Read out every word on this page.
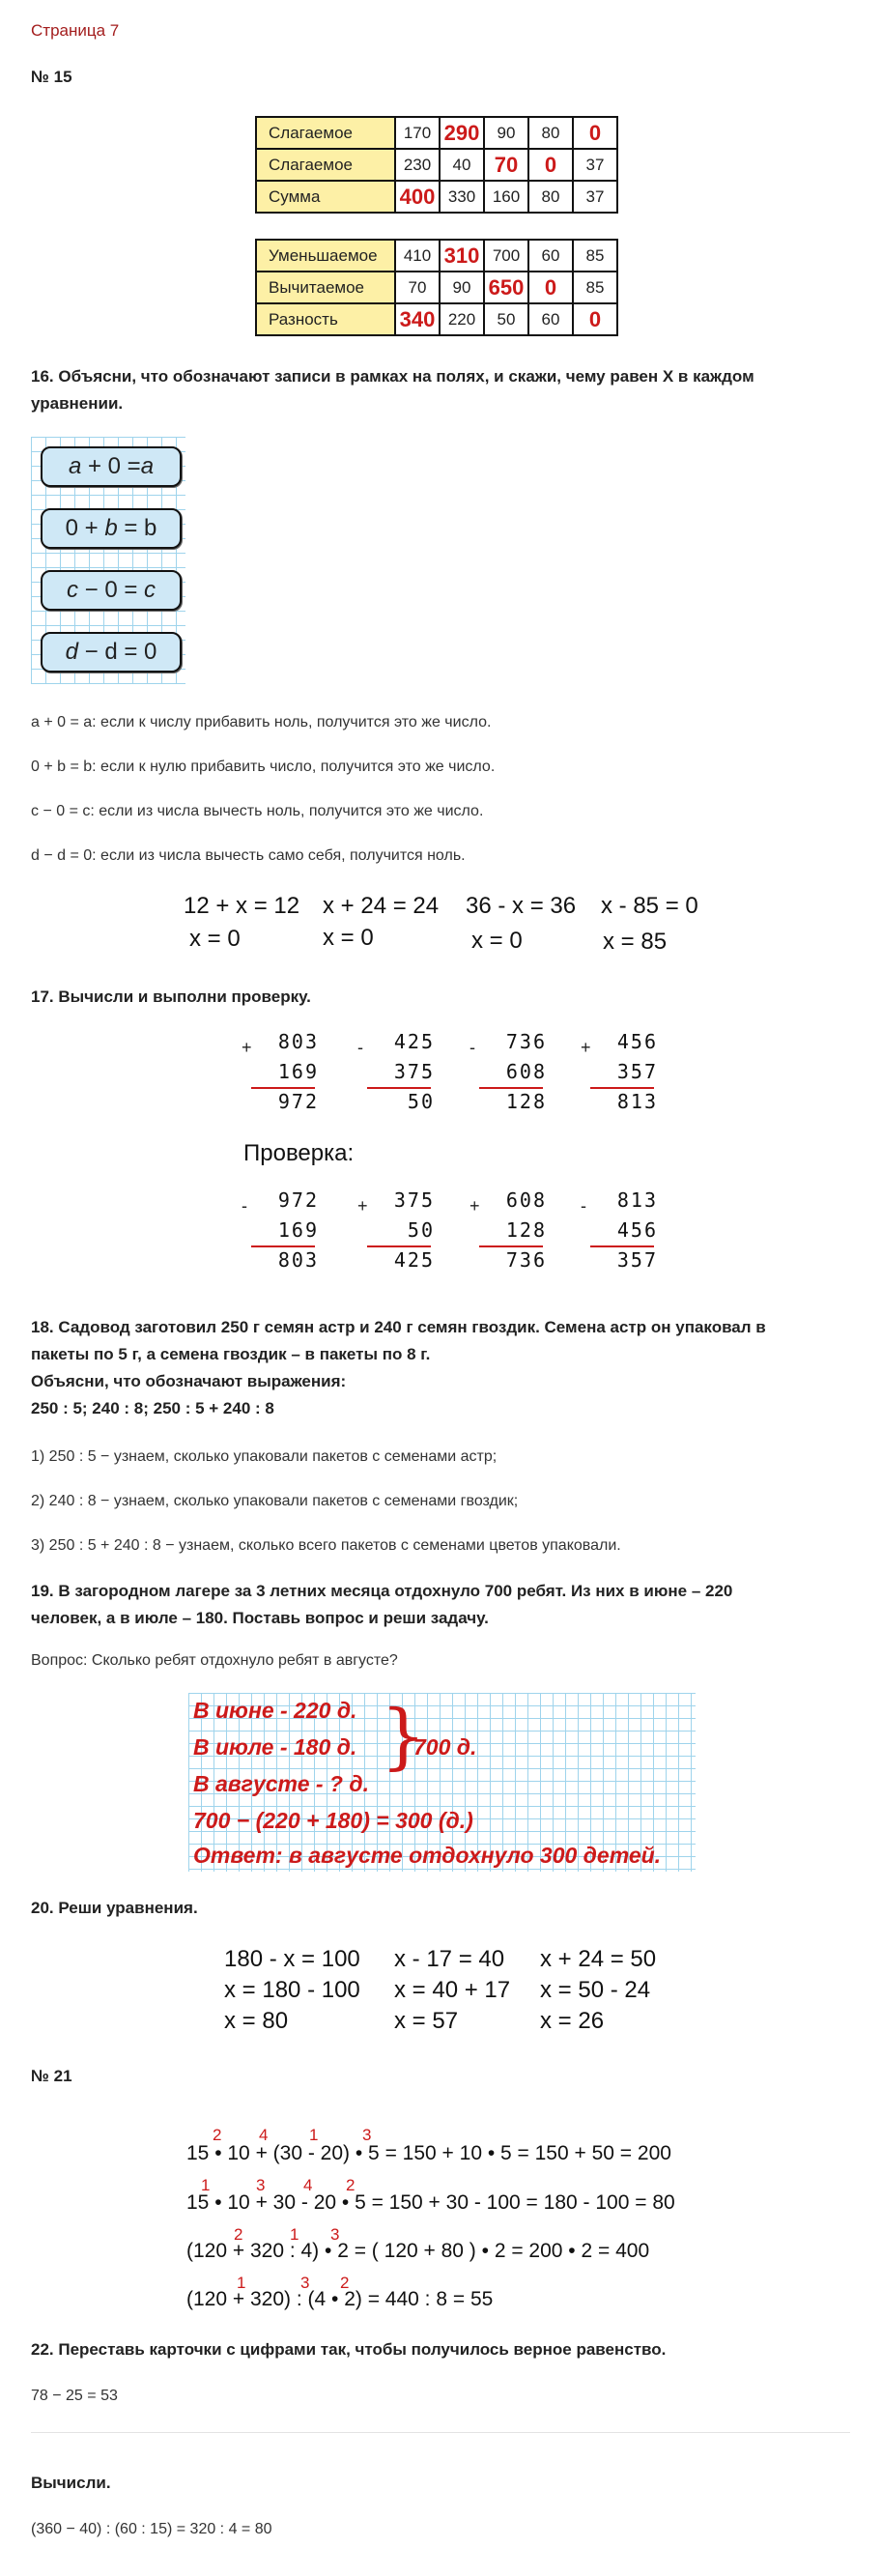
Страница 7
№ 15
Слагаемое	170	290	90	80	0
Слагаемое	230	40	70	0	37
Сумма	400	330	160	80	37
Уменьшаемое	410	310	700	60	85
Вычитаемое	70	90	650	0	85
Разность	340	220	50	60	0
16. Объясни, что обозначают записи в рамках на полях, и скажи, чему равен Х в каждом уравнении.
a
+ 0 = a
0 +
b
= b
c
− 0 =
c
d
− d =
0
a + 0 = a: если к числу прибавить ноль, получится это же число.
0 + b = b: если к нулю прибавить число, получится это же число.
c − 0 = c: если из числа вычесть ноль, получится это же число.
d − d = 0: если из числа вычесть само себя, получится ноль.
12 + x = 12
x = 0
x + 24 = 24
x = 0
36 - x = 36
x = 0
x - 85 = 0
x = 85
17. Вычисли и выполни проверку.
+	803
169
972
-	425
375
50
-	736
608
128
+	456
357
813
Проверка:
-	972
169
803
+	375
50
425
+	608
128
736
-	813
456
357
18. Садовод заготовил 250 г семян астр и 240 г семян гвоздик. Семена астр он упаковал в
пакеты по 5 г, а семена гвоздик – в пакеты по 8 г.
Объясни, что обозначают выражения:
250 : 5; 240 : 8; 250 : 5 + 240 : 8
1) 250 : 5 − узнаем, сколько упаковали пакетов с семенами астр;
2) 240 : 8 − узнаем, сколько упаковали пакетов с семенами гвоздик;
3) 250 : 5 + 240 : 8 − узнаем, сколько всего пакетов с семенами цветов упаковали.
19. В загородном лагере за 3 летних месяца отдохнуло 700 ребят. Из них в июне – 220
человек, а в июле – 180. Поставь вопрос и реши задачу.
Вопрос: Сколько ребят отдохнуло ребят в августе?
В июне - 220 д.
В июле - 180 д.
В августе - ? д.
}
700 д.
700 − (220 + 180) = 300 (д.)
Ответ: в августе отдохнуло 300 детей.
20. Реши уравнения.
180 - x = 100
x = 180 - 100
x = 80
x - 17 = 40
x = 40 + 17
x = 57
x + 24 = 50
x = 50 - 24
x = 26
№ 21
2 4	1	3
15 • 10 + (30 - 20) • 5 = 150 + 10 • 5 = 150 + 50 = 200
1	3 4 2
15 • 10 + 30 - 20 • 5 = 150 + 30 - 100 = 180 - 100 = 80
2	1 3
(120 + 320 : 4) • 2 = ( 120 + 80 ) • 2 = 200 • 2 = 400
1	3 2
(120 + 320) : (4 • 2) = 440 : 8 = 55
22. Переставь карточки с цифрами так, чтобы получилось верное равенство.
78 − 25 = 53
Вычисли.
(360 − 40) : (60 : 15) = 320 : 4 = 80
